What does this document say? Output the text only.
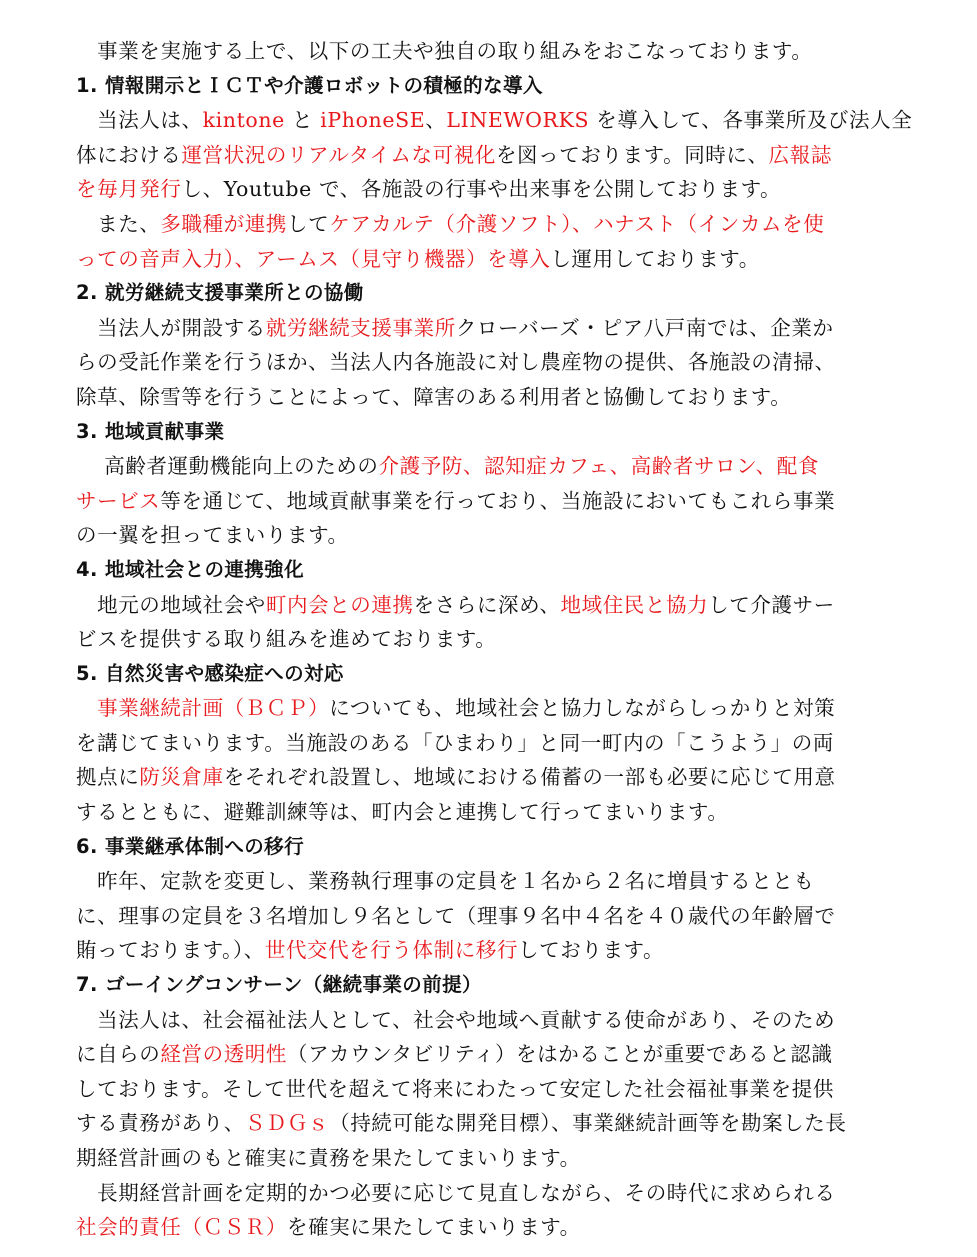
　事業を実施する上で、以下の工夫や独自の取り組みをおこなっております。
1. 情報開示とＩＣＴや介護ロボットの積極的な導入
　当法人は、kintone と iPhoneSE、LINEWORKS を導入して、各事業所及び法人全
体における運営状況のリアルタイムな可視化を図っております。同時に、広報誌
を毎月発行し、Youtube で、各施設の行事や出来事を公開しております。
　また、多職種が連携してケアカルテ（介護ソフト）、ハナスト（インカムを使
っての音声入力）、アームス（見守り機器）を導入し運用しております。
2. 就労継続支援事業所との協働
　当法人が開設する就労継続支援事業所クローバーズ・ピア八戸南では、企業か
らの受託作業を行うほか、当法人内各施設に対し農産物の提供、各施設の清掃、
除草、除雪等を行うことによって、障害のある利用者と協働しております。
3. 地域貢献事業
　 高齢者運動機能向上のための介護予防、認知症カフェ、高齢者サロン、配食
サービス等を通じて、地域貢献事業を行っており、当施設においてもこれら事業
の一翼を担ってまいります。
4. 地域社会との連携強化
　地元の地域社会や町内会との連携をさらに深め、地域住民と協力して介護サー
ビスを提供する取り組みを進めております。
5. 自然災害や感染症への対応
　事業継続計画（ＢＣＰ）についても、地域社会と協力しながらしっかりと対策
を講じてまいります。当施設のある「ひまわり」と同一町内の「こうよう」の両
拠点に防災倉庫をそれぞれ設置し、地域における備蓄の一部も必要に応じて用意
するとともに、避難訓練等は、町内会と連携して行ってまいります。
6. 事業継承体制への移行
　昨年、定款を変更し、業務執行理事の定員を１名から２名に増員するととも
に、理事の定員を３名増加し９名として（理事９名中４名を４０歳代の年齢層で
賄っております。）、世代交代を行う体制に移行しております。
7. ゴーイングコンサーン（継続事業の前提）
　当法人は、社会福祉法人として、社会や地域へ貢献する使命があり、そのため
に自らの経営の透明性（アカウンタビリティ）をはかることが重要であると認識
しております。そして世代を超えて将来にわたって安定した社会福祉事業を提供
する責務があり、ＳＤＧｓ（持続可能な開発目標）、事業継続計画等を勘案した長
期経営計画のもと確実に責務を果たしてまいります。
　長期経営計画を定期的かつ必要に応じて見直しながら、その時代に求められる
社会的責任（ＣＳＲ）を確実に果たしてまいります。
